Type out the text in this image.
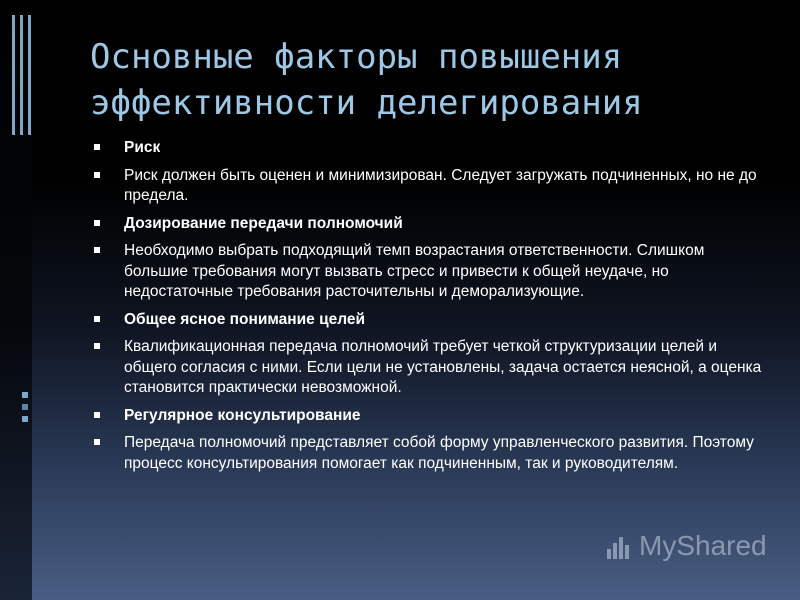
Основные факторы повышения
эффективности делегирования
Риск
Риск должен быть оценен и минимизирован. Следует загружать подчиненных, но не до предела.
Дозирование передачи полномочий
Необходимо выбрать подходящий темп возрастания ответственности. Слишком большие требования могут вызвать стресс и привести к общей неудаче, но недостаточные требования расточительны и деморализующие.
Общее ясное понимание целей
Квалификационная передача полномочий требует четкой структуризации целей и общего согласия с ними. Если цели не установлены, задача остается неясной, а оценка становится практически невозможной.
Регулярное консультирование
Передача полномочий представляет собой форму управленческого развития. Поэтому процесс консультирования помогает как подчиненным, так и руководителям.
MyShared
